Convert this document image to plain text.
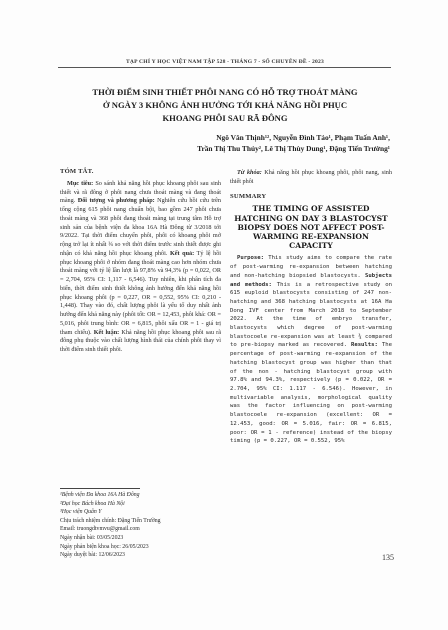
TẠP CHÍ Y HỌC VIỆT NAM TẬP 528 - THÁNG 7 - SỐ CHUYÊN ĐỀ - 2023
THỜI ĐIỂM SINH THIẾT PHÔI NANG CÓ HỖ TRỢ THOÁT MÀNG
Ở NGÀY 3 KHÔNG ẢNH HƯỞNG TỚI KHẢ NĂNG HỒI PHỤC
KHOANG PHÔI SAU RÃ ĐÔNG
Ngô Văn Thịnh¹², Nguyễn Đình Tảo¹, Phạm Tuấn Anh¹,
Trần Thị Thu Thủy², Lê Thị Thùy Dung¹, Đặng Tiến Trường¹
TÓM TẮT.

Mục tiêu: So sánh khả năng hồi phục khoang phôi sau sinh thiết và rã đông ở phôi nang chưa thoát màng và đang thoát màng. Đối tượng và phương pháp: Nghiên cứu hồi cứu trên tổng cộng 615 phôi nang chuẩn bội, bao gồm 247 phôi chưa thoát màng và 368 phôi đang thoát màng tại trung tâm Hỗ trợ sinh sản của bệnh viện đa khoa 16A Hà Đông từ 3/2018 tới 9/2022. Tại thời điểm chuyển phôi, phôi có khoang phôi mở rộng trở lại ít nhất ¾ so với thời điểm trước sinh thiết được ghi nhận có khả năng hồi phục khoang phôi. Kết quả: Tỷ lệ hồi phục khoang phôi ở nhóm đang thoát màng cao hơn nhóm chưa thoát màng với tỷ lệ lần lượt là 97,8% và 94,3% (p = 0,022, OR = 2,704, 95% CI: 1,117 - 6,546). Tuy nhiên, khi phân tích đa biến, thời điểm sinh thiết không ảnh hưởng đến khả năng hồi phục khoang phôi (p = 0,227, OR = 0,552, 95% CI: 0,210 - 1,448). Thay vào đó, chất lượng phôi là yếu tố duy nhất ảnh hưởng đến khả năng này (phôi tốt: OR = 12,453, phôi khá: OR = 5,016, phôi trung bình: OR = 6,815, phôi xấu OR = 1 - giá trị tham chiếu). Kết luận: Khả năng hồi phục khoang phôi sau rã đông phụ thuộc vào chất lượng hình thái của chính phôi thay vì thời điểm sinh thiết phôi.

Từ khóa: Khả năng hồi phục khoang phôi, phôi nang, sinh thiết phôi

SUMMARY
THE TIMING OF ASSISTED
HATCHING ON DAY 3 BLASTOCYST
BIOPSY DOES NOT AFFECT POST-
WARMING RE-EXPANSION
CAPACITY

Purpose: This study aims to compare the rate of post-warming re-expansion between hatching and non-hatching biopsied blastocysts. Subjects and methods: This is a retrospective study on 615 euploid blastocysts consisting of 247 non-hatching and 368 hatching blastocysts at 16A Ha Dong IVF center from March 2018 to September 2022. At the time of embryo transfer, blastocysts which degree of post-warming blastocoele re-expansion was at least ¾ compared to pre-biopsy marked as recovered. Results: The percentage of post-warming re-expansion of the hatching blastocyst group was higher than that of the non - hatching blastocyst group with 97.8% and 94.3%, respectively (p = 0.022, OR = 2.704, 95% CI: 1.117 - 6.546). However, in multivariable analysis, morphological quality was the factor influencing on post-warming blastocoele re-expansion (excellent: OR = 12.453, good: OR = 5.016, fair: OR = 6.815, poor: OR = 1 - reference) instead of the biopsy timing (p = 0.227, OR = 0.552, 95%

¹Bệnh viện Đa khoa 16A Hà Đông
²Đại học Bách khoa Hà Nội
³Học viện Quân Y
Chịu trách nhiệm chính: Đặng Tiến Trường
Email: truongdtvmvu@gmail.com
Ngày nhận bài: 03/05/2023
Ngày phản biện khoa học: 26/05/2023
Ngày duyệt bài: 12/06/2023	135
